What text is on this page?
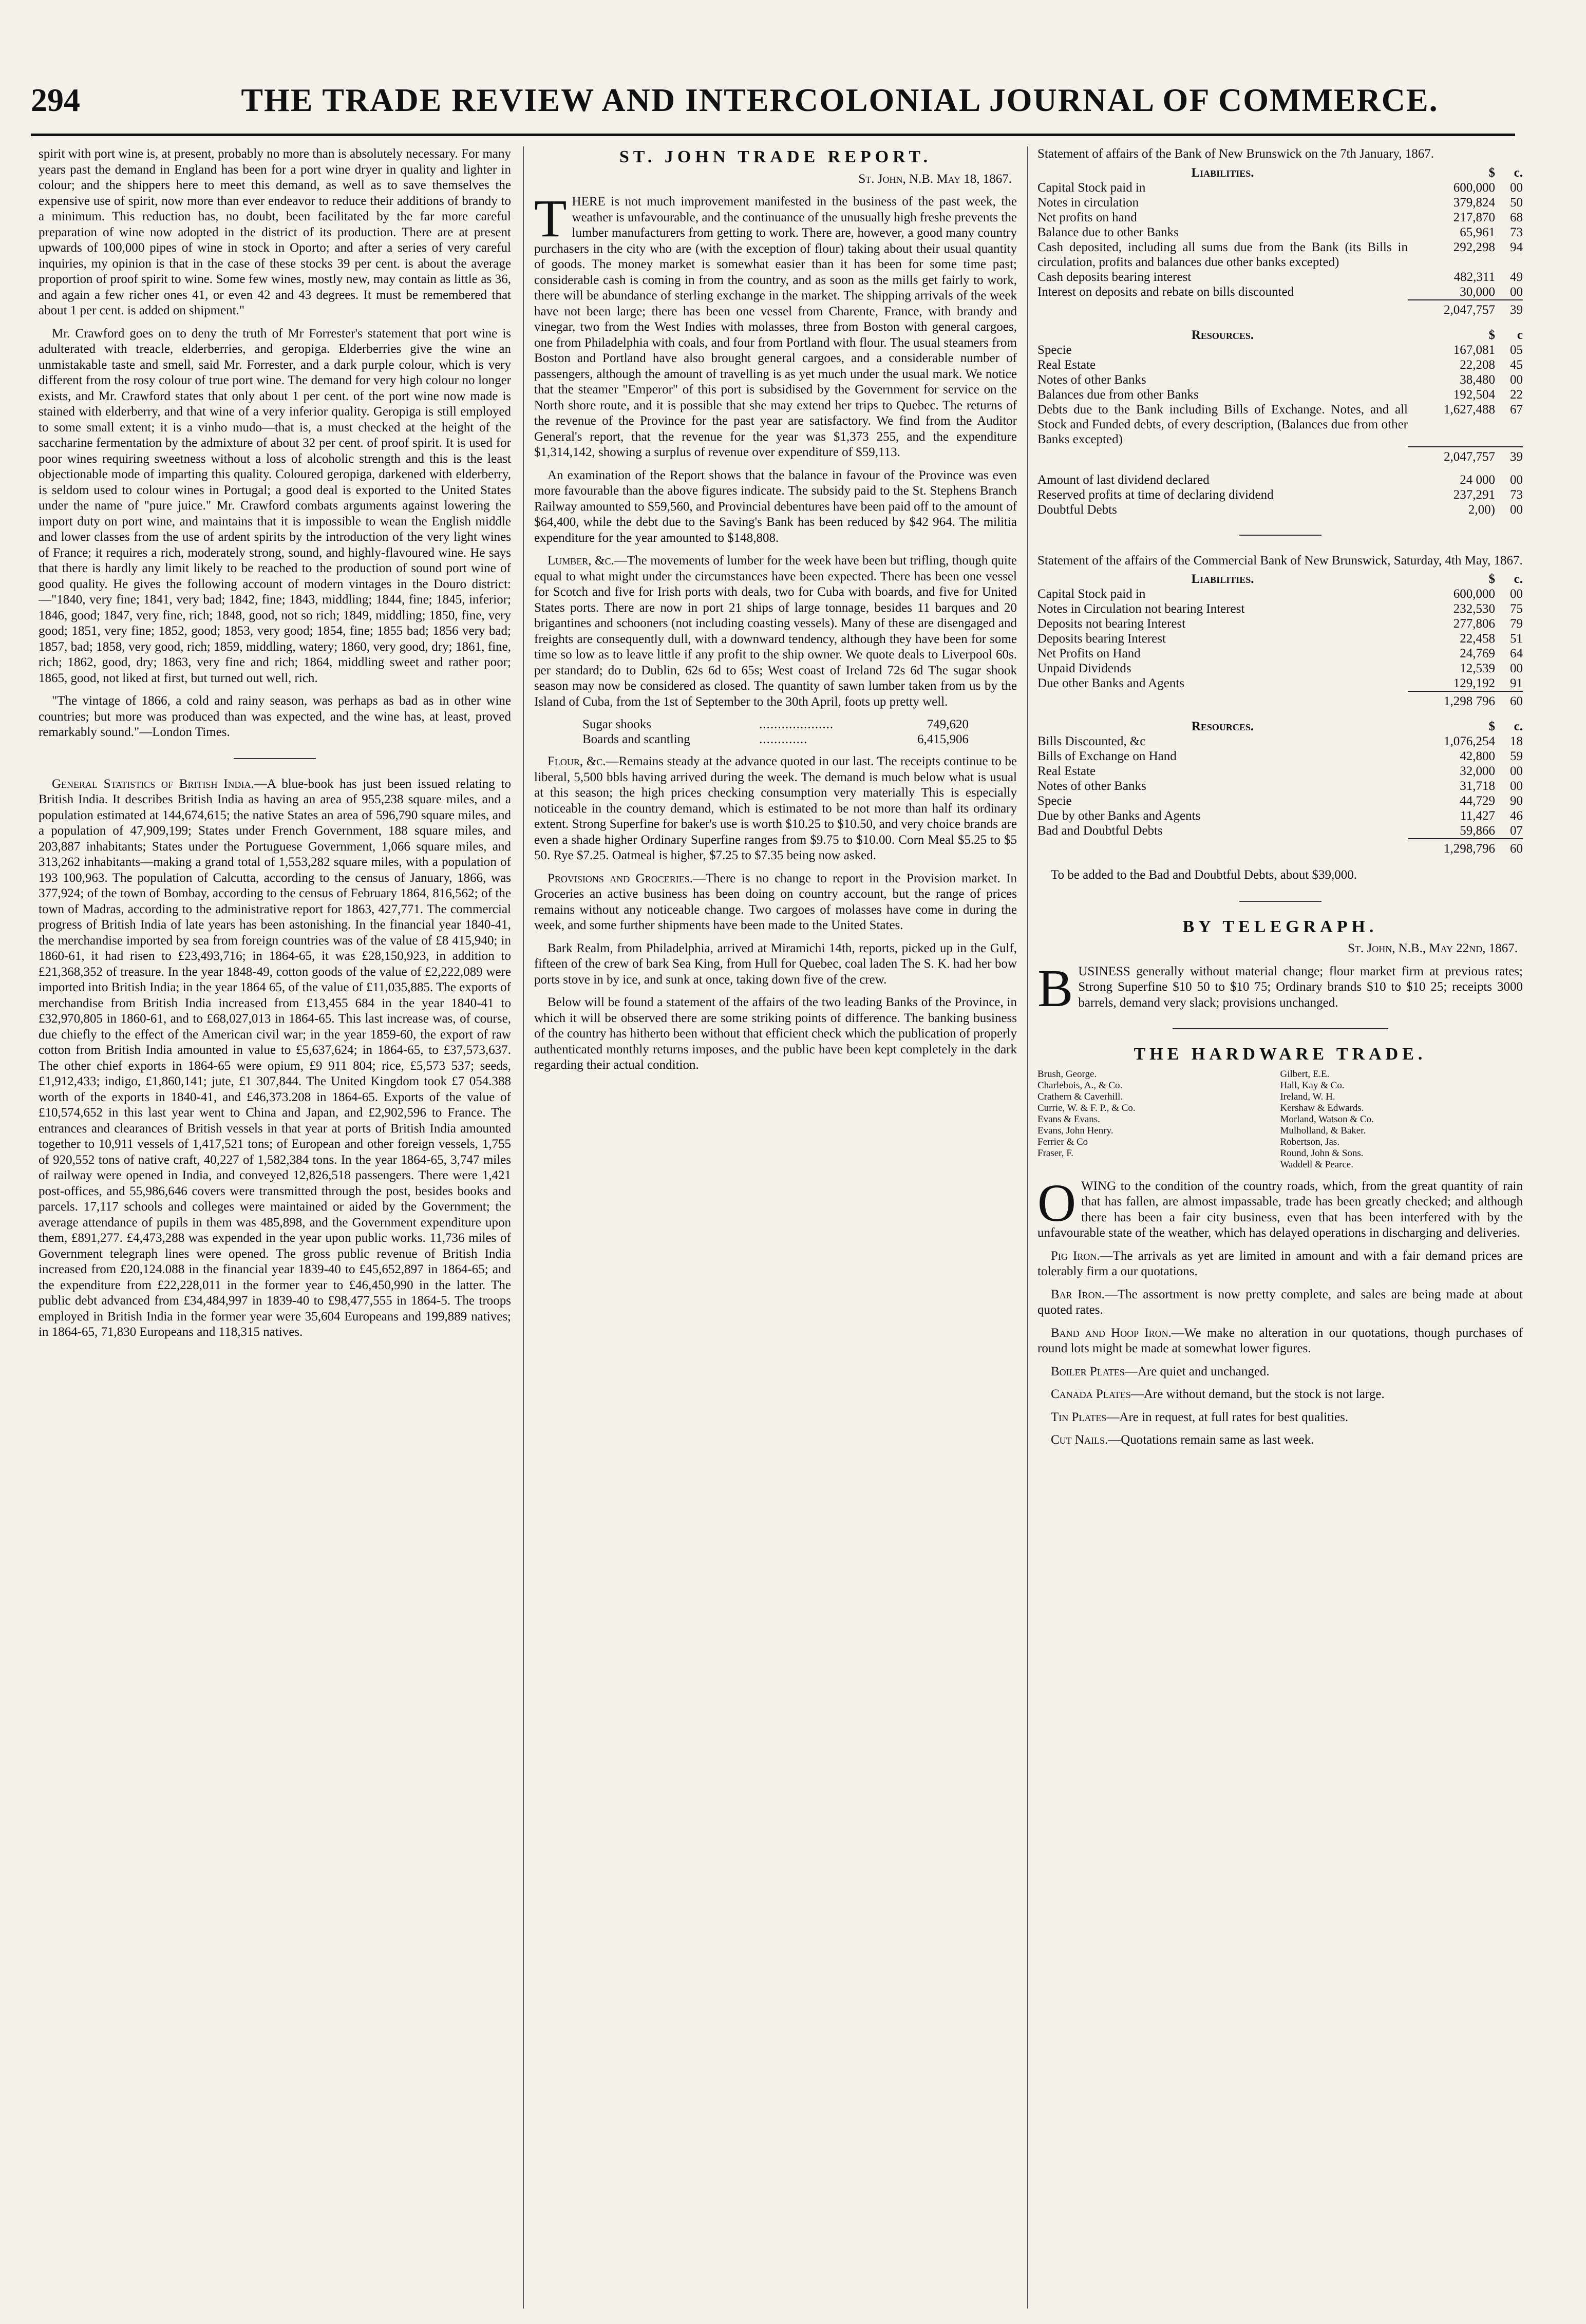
294	THE TRADE REVIEW AND INTERCOLONIAL JOURNAL OF COMMERCE.

spirit with port wine is, at present, probably no more than is absolutely necessary. For many years past the demand in England has been for a port wine dryer in quality and lighter in colour; and the shippers here to meet this demand, as well as to save themselves the expensive use of spirit, now more than ever endeavor to reduce their additions of brandy to a minimum. This reduction has, no doubt, been facilitated by the far more careful preparation of wine now adopted in the district of its production. There are at present upwards of 100,000 pipes of wine in stock in Oporto; and after a series of very careful inquiries, my opinion is that in the case of these stocks 39 per cent. is about the average proportion of proof spirit to wine. Some few wines, mostly new, may contain as little as 36, and again a few richer ones 41, or even 42 and 43 degrees. It must be remembered that about 1 per cent. is added on shipment."

Mr. Crawford goes on to deny the truth of Mr Forrester's statement that port wine is adulterated with treacle, elderberries, and geropiga. Elderberries give the wine an unmistakable taste and smell, said Mr. Forrester, and a dark purple colour, which is very different from the rosy colour of true port wine. The demand for very high colour no longer exists, and Mr. Crawford states that only about 1 per cent. of the port wine now made is stained with elderberry, and that wine of a very inferior quality. Geropiga is still employed to some small extent; it is a vinho mudo—that is, a must checked at the height of the saccharine fermentation by the admixture of about 32 per cent. of proof spirit. It is used for poor wines requiring sweetness without a loss of alcoholic strength and this is the least objectionable mode of imparting this quality. Coloured geropiga, darkened with elderberry, is seldom used to colour wines in Portugal; a good deal is exported to the United States under the name of "pure juice." Mr. Crawford combats arguments against lowering the import duty on port wine, and maintains that it is impossible to wean the English middle and lower classes from the use of ardent spirits by the introduction of the very light wines of France; it requires a rich, moderately strong, sound, and highly-flavoured wine. He says that there is hardly any limit likely to be reached to the production of sound port wine of good quality. He gives the following account of modern vintages in the Douro district:—"1840, very fine; 1841, very bad; 1842, fine; 1843, middling; 1844, fine; 1845, inferior; 1846, good; 1847, very fine, rich; 1848, good, not so rich; 1849, middling; 1850, fine, very good; 1851, very fine; 1852, good; 1853, very good; 1854, fine; 1855 bad; 1856 very bad; 1857, bad; 1858, very good, rich; 1859, middling, watery; 1860, very good, dry; 1861, fine, rich; 1862, good, dry; 1863, very fine and rich; 1864, middling sweet and rather poor; 1865, good, not liked at first, but turned out well, rich.

"The vintage of 1866, a cold and rainy season, was perhaps as bad as in other wine countries; but more was produced than was expected, and the wine has, at least, proved remarkably sound."—London Times.

General Statistics of British India.—A blue-book has just been issued relating to British India. It describes British India as having an area of 955,238 square miles, and a population estimated at 144,674,615; the native States an area of 596,790 square miles, and a population of 47,909,199; States under French Government, 188 square miles, and 203,887 inhabitants; States under the Portuguese Government, 1,066 square miles, and 313,262 inhabitants—making a grand total of 1,553,282 square miles, with a population of 193 100,963. The population of Calcutta, according to the census of January, 1866, was 377,924; of the town of Bombay, according to the census of February 1864, 816,562; of the town of Madras, according to the administrative report for 1863, 427,771. The commercial progress of British India of late years has been astonishing. In the financial year 1840-41, the merchandise imported by sea from foreign countries was of the value of £8 415,940; in 1860-61, it had risen to £23,493,716; in 1864-65, it was £28,150,923, in addition to £21,368,352 of treasure. In the year 1848-49, cotton goods of the value of £2,222,089 were imported into British India; in the year 1864 65, of the value of £11,035,885. The exports of merchandise from British India increased from £13,455 684 in the year 1840-41 to £32,970,805 in 1860-61, and to £68,027,013 in 1864-65. This last increase was, of course, due chiefly to the effect of the American civil war; in the year 1859-60, the export of raw cotton from British India amounted in value to £5,637,624; in 1864-65, to £37,573,637. The other chief exports in 1864-65 were opium, £9 911 804; rice, £5,573 537; seeds, £1,912,433; indigo, £1,860,141; jute, £1 307,844. The United Kingdom took £7 054.388 worth of the exports in 1840-41, and £46,373.208 in 1864-65. Exports of the value of £10,574,652 in this last year went to China and Japan, and £2,902,596 to France. The entrances and clearances of British vessels in that year at ports of British India amounted together to 10,911 vessels of 1,417,521 tons; of European and other foreign vessels, 1,755 of 920,552 tons of native craft, 40,227 of 1,582,384 tons. In the year 1864-65, 3,747 miles of railway were opened in India, and conveyed 12,826,518 passengers. There were 1,421 post-offices, and 55,986,646 covers were transmitted through the post, besides books and parcels. 17,117 schools and colleges were maintained or aided by the Government; the average attendance of pupils in them was 485,898, and the Government expenditure upon them, £891,277. £4,473,288 was expended in the year upon public works. 11,736 miles of Government telegraph lines were opened. The gross public revenue of British India increased from £20,124.088 in the financial year 1839-40 to £45,652,897 in 1864-65; and the expenditure from £22,228,011 in the former year to £46,450,990 in the latter. The public debt advanced from £34,484,997 in 1839-40 to £98,477,555 in 1864-5. The troops employed in British India in the former year were 35,604 Europeans and 199,889 natives; in 1864-65, 71,830 Europeans and 118,315 natives.

ST. JOHN TRADE REPORT.
St. John, N.B. May 18, 1867.

THERE is not much improvement manifested in the business of the past week, the weather is unfavourable, and the continuance of the unusually high freshe prevents the lumber manufacturers from getting to work. There are, however, a good many country purchasers in the city who are (with the exception of flour) taking about their usual quantity of goods. The money market is somewhat easier than it has been for some time past; considerable cash is coming in from the country, and as soon as the mills get fairly to work, there will be abundance of sterling exchange in the market. The shipping arrivals of the week have not been large; there has been one vessel from Charente, France, with brandy and vinegar, two from the West Indies with molasses, three from Boston with general cargoes, one from Philadelphia with coals, and four from Portland with flour. The usual steamers from Boston and Portland have also brought general cargoes, and a considerable number of passengers, although the amount of travelling is as yet much under the usual mark. We notice that the steamer "Emperor" of this port is subsidised by the Government for service on the North shore route, and it is possible that she may extend her trips to Quebec. The returns of the revenue of the Province for the past year are satisfactory. We find from the Auditor General's report, that the revenue for the year was $1,373 255, and the expenditure $1,314,142, showing a surplus of revenue over expenditure of $59,113.

An examination of the Report shows that the balance in favour of the Province was even more favourable than the above figures indicate. The subsidy paid to the St. Stephens Branch Railway amounted to $59,560, and Provincial debentures have been paid off to the amount of $64,400, while the debt due to the Saving's Bank has been reduced by $42 964. The militia expenditure for the year amounted to $148,808.

Lumber, &c.—The movements of lumber for the week have been but trifling, though quite equal to what might under the circumstances have been expected. There has been one vessel for Scotch and five for Irish ports with deals, two for Cuba with boards, and five for United States ports. There are now in port 21 ships of large tonnage, besides 11 barques and 20 brigantines and schooners (not including coasting vessels). Many of these are disengaged and freights are consequently dull, with a downward tendency, although they have been for some time so low as to leave little if any profit to the ship owner. We quote deals to Liverpool 60s. per standard; do to Dublin, 62s 6d to 65s; West coast of Ireland 72s 6d The sugar shook season may now be considered as closed. The quantity of sawn lumber taken from us by the Island of Cuba, from the 1st of September to the 30th April, foots up pretty well.

Sugar shooks	....................	749,620
Boards and scantling	.............	6,415,906

Flour, &c.—Remains steady at the advance quoted in our last. The receipts continue to be liberal, 5,500 bbls having arrived during the week. The demand is much below what is usual at this season; the high prices checking consumption very materially This is especially noticeable in the country demand, which is estimated to be not more than half its ordinary extent. Strong Superfine for baker's use is worth $10.25 to $10.50, and very choice brands are even a shade higher Ordinary Superfine ranges from $9.75 to $10.00. Corn Meal $5.25 to $5 50. Rye $7.25. Oatmeal is higher, $7.25 to $7.35 being now asked.

Provisions and Groceries.—There is no change to report in the Provision market. In Groceries an active business has been doing on country account, but the range of prices remains without any noticeable change. Two cargoes of molasses have come in during the week, and some further shipments have been made to the United States.

Bark Realm, from Philadelphia, arrived at Miramichi 14th, reports, picked up in the Gulf, fifteen of the crew of bark Sea King, from Hull for Quebec, coal laden The S. K. had her bow ports stove in by ice, and sunk at once, taking down five of the crew.

Below will be found a statement of the affairs of the two leading Banks of the Province, in which it will be observed there are some striking points of difference. The banking business of the country has hitherto been without that efficient check which the publication of properly authenticated monthly returns imposes, and the public have been kept completely in the dark regarding their actual condition.

Statement of affairs of the Bank of New Brunswick on the 7th January, 1867.

Liabilities.	$	c.
Capital Stock paid in	600,000	00
Notes in circulation	379,824	50
Net profits on hand	217,870	68
Balance due to other Banks	65,961	73
Cash deposited, including all sums due from the Bank (its Bills in circulation, profits and balances due other banks excepted)	292,298	94
Cash deposits bearing interest	482,311	49
Interest on deposits and rebate on bills discounted	30,000	00
	2,047,757	39
Resources.	$	c
Specie	167,081	05
Real Estate	22,208	45
Notes of other Banks	38,480	00
Balances due from other Banks	192,504	22
Debts due to the Bank including Bills of Exchange. Notes, and all Stock and Funded debts, of every description, (Balances due from other Banks excepted)	1,627,488	67
	2,047,757	39

Amount of last dividend declared	24 000	00
Reserved profits at time of declaring dividend	237,291	73
Doubtful Debts	2,00)	00

Statement of the affairs of the Commercial Bank of New Brunswick, Saturday, 4th May, 1867.

Liabilities.	$	c.
Capital Stock paid in	600,000	00
Notes in Circulation not bearing Interest	232,530	75
Deposits not bearing Interest	277,806	79
Deposits bearing Interest	22,458	51
Net Profits on Hand	24,769	64
Unpaid Dividends	12,539	00
Due other Banks and Agents	129,192	91
	1,298 796	60
Resources.	$	c.
Bills Discounted, &c	1,076,254	18
Bills of Exchange on Hand	42,800	59
Real Estate	32,000	00
Notes of other Banks	31,718	00
Specie	44,729	90
Due by other Banks and Agents	11,427	46
Bad and Doubtful Debts	59,866	07
	1,298,796	60

To be added to the Bad and Doubtful Debts, about $39,000.

BY TELEGRAPH.
St. John, N.B., May 22nd, 1867.

BUSINESS generally without material change; flour market firm at previous rates; Strong Superfine $10 50 to $10 75; Ordinary brands $10 to $10 25; receipts 3000 barrels, demand very slack; provisions unchanged.

THE HARDWARE TRADE.
Brush, George.
Charlebois, A., & Co.
Crathern & Caverhill.
Currie, W. & F. P., & Co.
Evans & Evans.
Evans, John Henry.
Ferrier & Co
Fraser, F.
Gilbert, E.E.
Hall, Kay & Co.
Ireland, W. H.
Kershaw & Edwards.
Morland, Watson & Co.
Mulholland, & Baker.
Robertson, Jas.
Round, John & Sons.
Waddell & Pearce.

OWING to the condition of the country roads, which, from the great quantity of rain that has fallen, are almost impassable, trade has been greatly checked; and although there has been a fair city business, even that has been interfered with by the unfavourable state of the weather, which has delayed operations in discharging and deliveries.

Pig Iron.—The arrivals as yet are limited in amount and with a fair demand prices are tolerably firm a our quotations.

Bar Iron.—The assortment is now pretty complete, and sales are being made at about quoted rates.

Band and Hoop Iron.—We make no alteration in our quotations, though purchases of round lots might be made at somewhat lower figures.

Boiler Plates—Are quiet and unchanged.

Canada Plates—Are without demand, but the stock is not large.

Tin Plates—Are in request, at full rates for best qualities.

Cut Nails.—Quotations remain same as last week.
